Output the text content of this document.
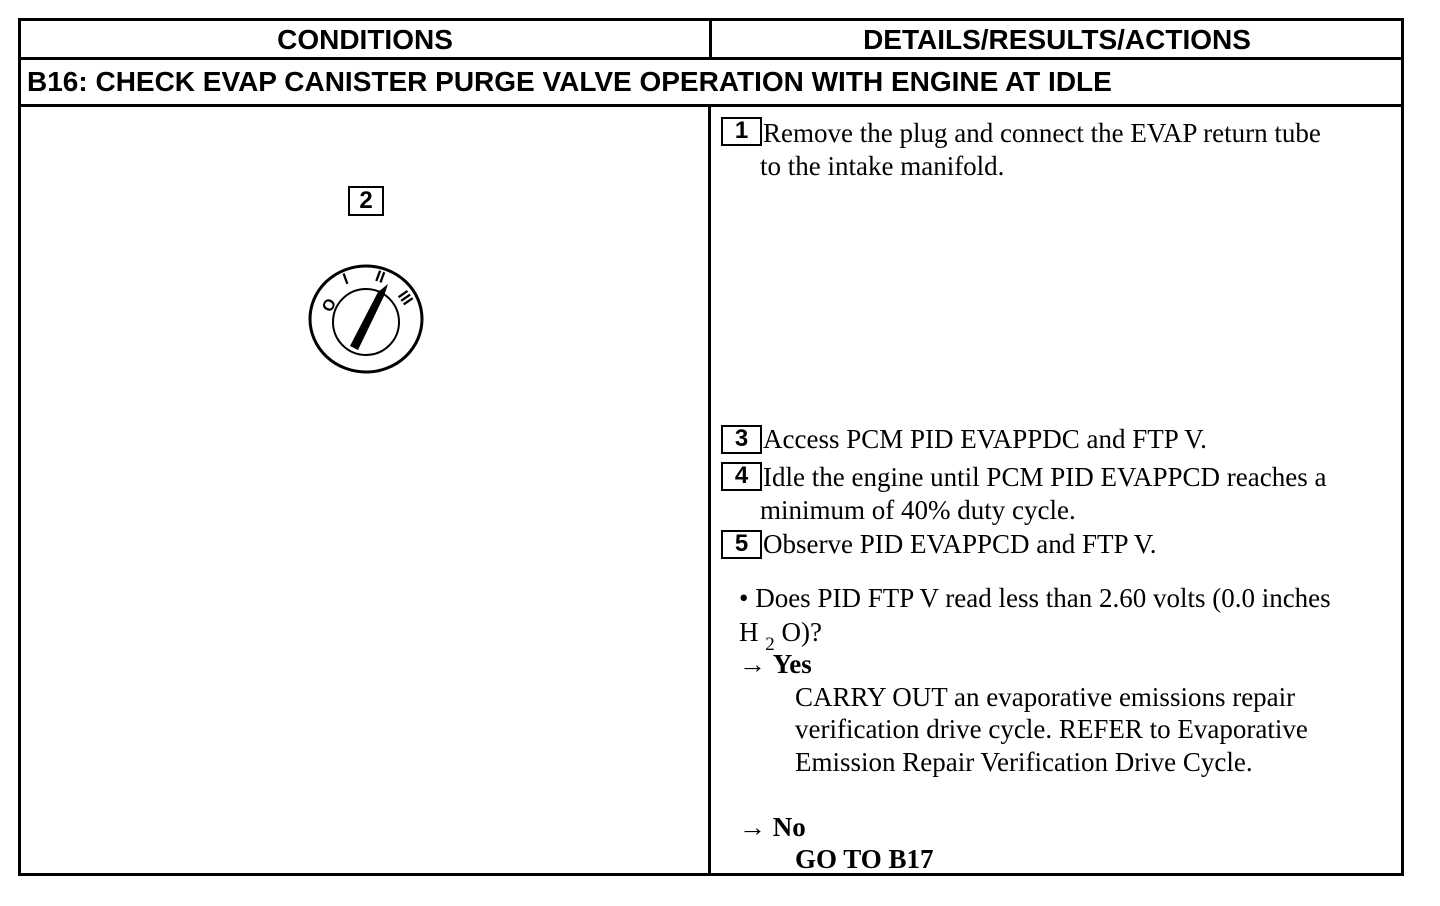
CONDITIONS	DETAILS/RESULTS/ACTIONS
B16: CHECK EVAP CANISTER PURGE VALVE OPERATION WITH ENGINE AT IDLE
2
O
I II
III
1 Remove the plug and connect the EVAP return tube
to the intake manifold.
3 Access PCM PID EVAPPDC and FTP V.
4 Idle the engine until PCM PID EVAPPCD reaches a
minimum of 40% duty cycle.
5 Observe PID EVAPPCD and FTP V.
• Does PID FTP V read less than 2.60 volts (0.0 inches
H $_2$ O)?
→ Yes
CARRY OUT an evaporative emissions repair
verification drive cycle. REFER to Evaporative
Emission Repair Verification Drive Cycle.
→ No
GO TO B17
